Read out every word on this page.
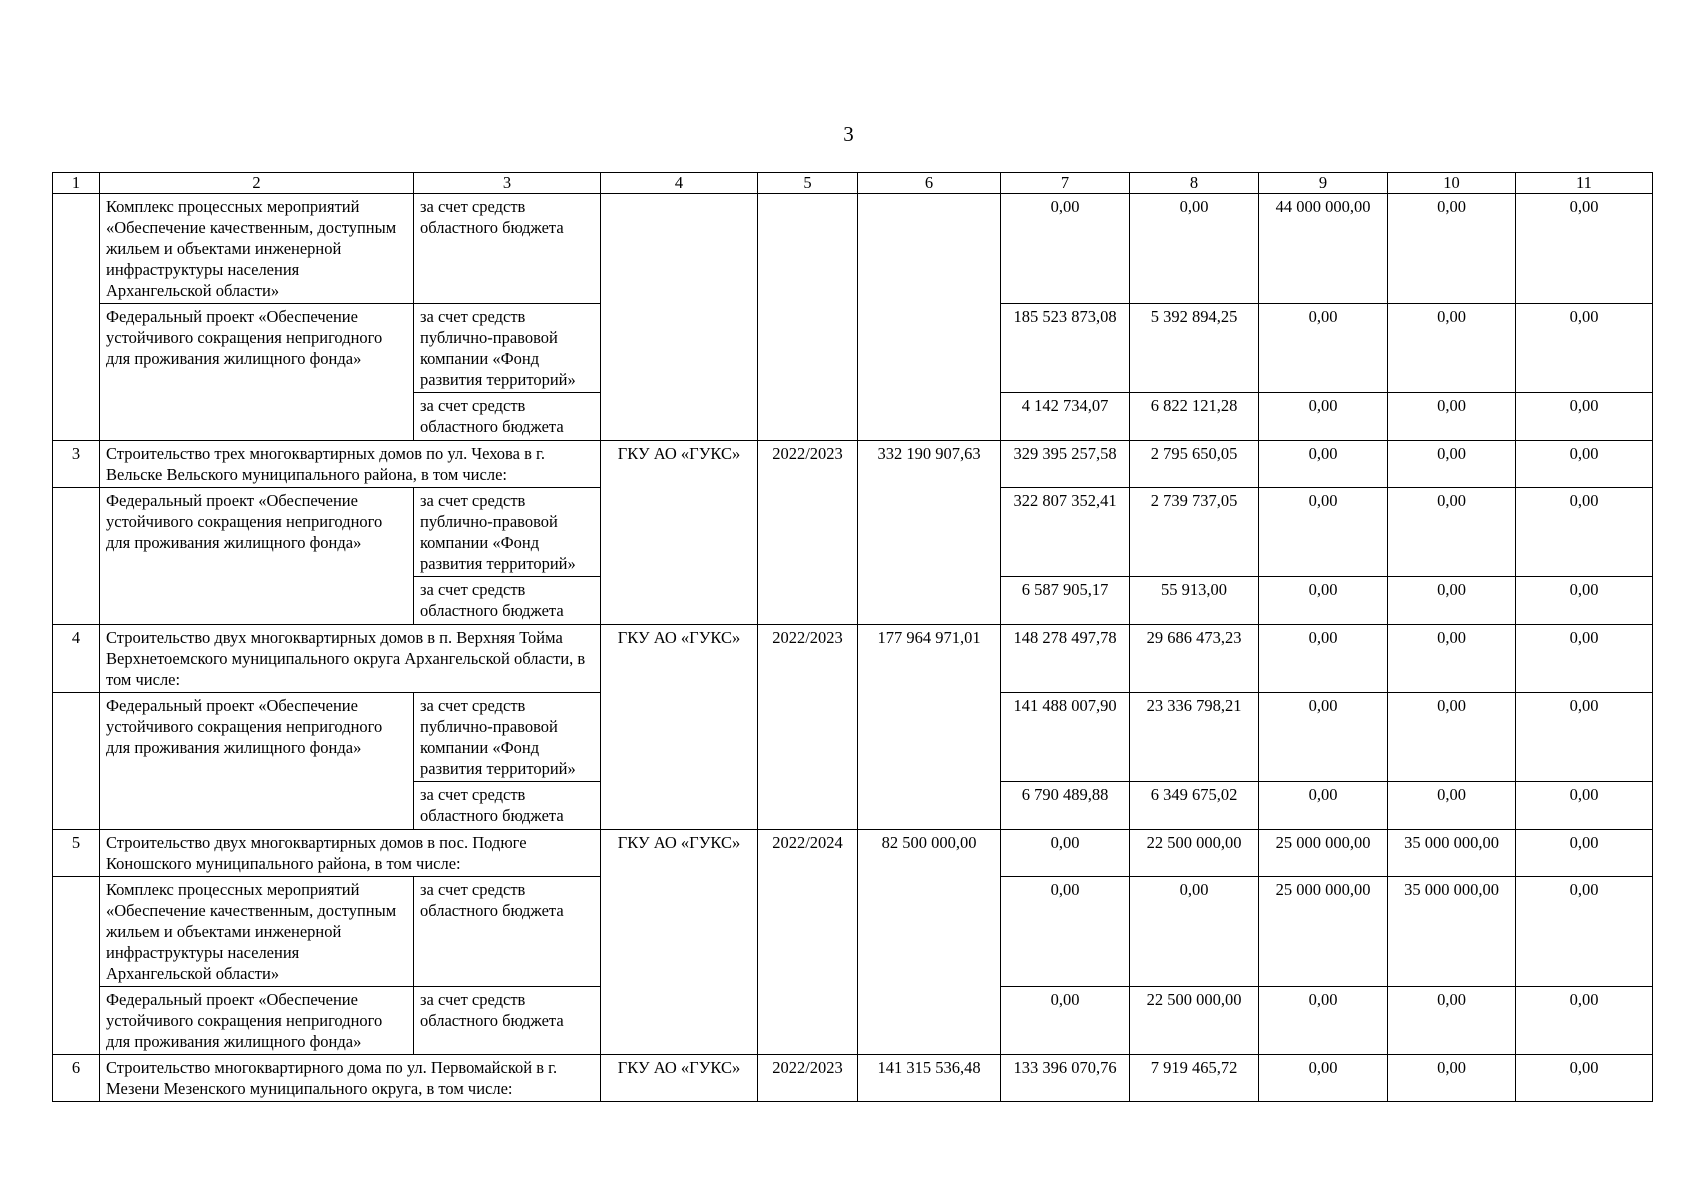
3
1	2	3	4	5	6	7	8	9	10	11
	Комплекс процессных мероприятий «Обеспечение качественным, доступным жильем и объектами инженерной инфраструктуры населения Архангельской области»	за счет средств областного бюджета				0,00	0,00	44 000 000,00	0,00	0,00
	Федеральный проект «Обеспечение устойчивого сокращения непригодного для проживания жилищного фонда»	за счет средств публично-правовой компании «Фонд развития территорий»				185 523 873,08	5 392 894,25	0,00	0,00	0,00
		за счет средств областного бюджета				4 142 734,07	6 822 121,28	0,00	0,00	0,00
3	Строительство трех многоквартирных домов по ул. Чехова в г. Вельске Вельского муниципального района, в том числе:		ГКУ АО «ГУКС»	2022/2023	332 190 907,63	329 395 257,58	2 795 650,05	0,00	0,00	0,00
	Федеральный проект «Обеспечение устойчивого сокращения непригодного для проживания жилищного фонда»	за счет средств публично-правовой компании «Фонд развития территорий»				322 807 352,41	2 739 737,05	0,00	0,00	0,00
		за счет средств областного бюджета				6 587 905,17	55 913,00	0,00	0,00	0,00
4	Строительство двух многоквартирных домов в п. Верхняя Тойма Верхнетоемского муниципального округа Архангельской области, в том числе:		ГКУ АО «ГУКС»	2022/2023	177 964 971,01	148 278 497,78	29 686 473,23	0,00	0,00	0,00
	Федеральный проект «Обеспечение устойчивого сокращения непригодного для проживания жилищного фонда»	за счет средств публично-правовой компании «Фонд развития территорий»				141 488 007,90	23 336 798,21	0,00	0,00	0,00
		за счет средств областного бюджета				6 790 489,88	6 349 675,02	0,00	0,00	0,00
5	Строительство двух многоквартирных домов в пос. Подюге Коношского муниципального района, в том числе:		ГКУ АО «ГУКС»	2022/2024	82 500 000,00	0,00	22 500 000,00	25 000 000,00	35 000 000,00	0,00
	Комплекс процессных мероприятий «Обеспечение качественным, доступным жильем и объектами инженерной инфраструктуры населения Архангельской области»	за счет средств областного бюджета				0,00	0,00	25 000 000,00	35 000 000,00	0,00
	Федеральный проект «Обеспечение устойчивого сокращения непригодного для проживания жилищного фонда»	за счет средств областного бюджета				0,00	22 500 000,00	0,00	0,00	0,00
6	Строительство многоквартирного дома по ул. Первомайской в г. Мезени Мезенского муниципального округа, в том числе:		ГКУ АО «ГУКС»	2022/2023	141 315 536,48	133 396 070,76	7 919 465,72	0,00	0,00	0,00
